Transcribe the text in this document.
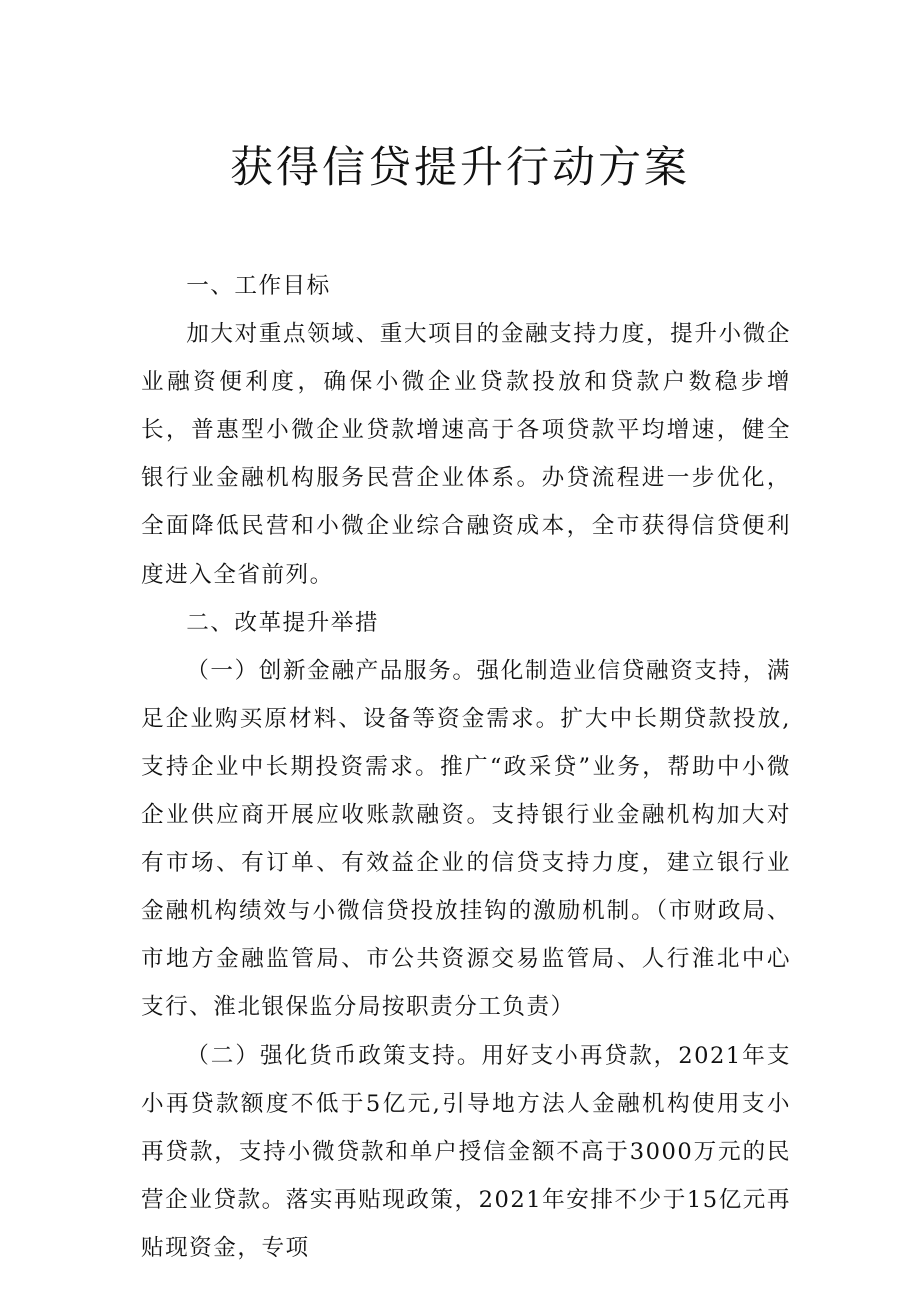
获得信贷提升行动方案

一、工作目标

加大对重点领域、重大项目的金融支持力度，提升小微企业融资便利度，确保小微企业贷款投放和贷款户数稳步增长，普惠型小微企业贷款增速高于各项贷款平均增速，健全银行业金融机构服务民营企业体系。办贷流程进一步优化，全面降低民营和小微企业综合融资成本，全市获得信贷便利度进入全省前列。

二、改革提升举措

（一）创新金融产品服务。强化制造业信贷融资支持，满足企业购买原材料、设备等资金需求。扩大中长期贷款投放,支持企业中长期投资需求。推广“政采贷”业务，帮助中小微企业供应商开展应收账款融资。支持银行业金融机构加大对有市场、有订单、有效益企业的信贷支持力度，建立银行业金融机构绩效与小微信贷投放挂钩的激励机制。（市财政局、市地方金融监管局、市公共资源交易监管局、人行淮北中心支行、淮北银保监分局按职责分工负责）

（二）强化货币政策支持。用好支小再贷款，2021年支小再贷款额度不低于5亿元,引导地方法人金融机构使用支小再贷款，支持小微贷款和单户授信金额不高于3000万元的民营企业贷款。落实再贴现政策，2021年安排不少于15亿元再贴现资金，专项
